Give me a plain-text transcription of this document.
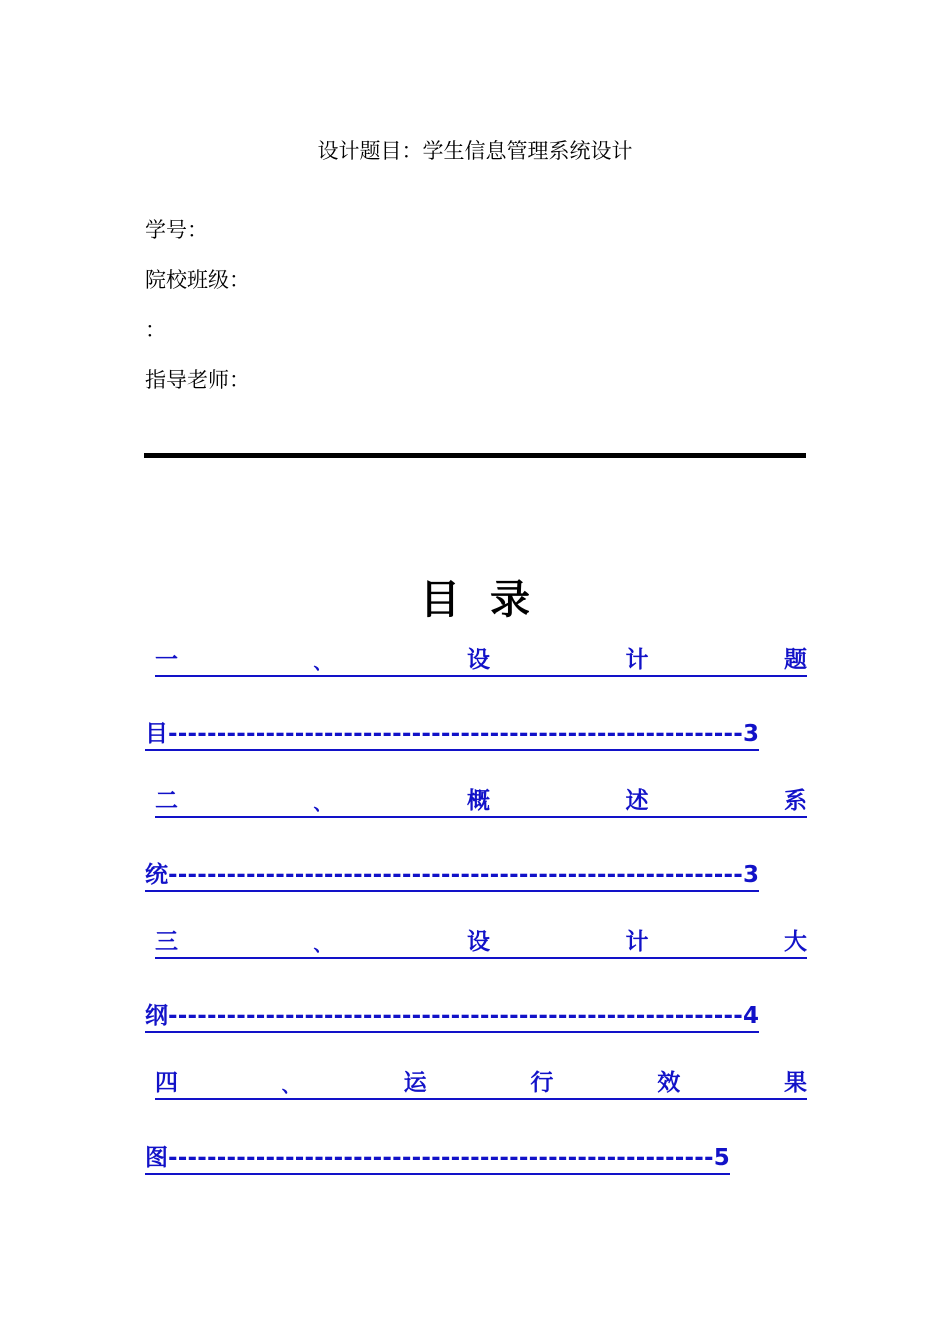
设计题目：学生信息管理系统设计
学号：
院校班级：
：
指导老师：
目录
一	、	设	计	题
目 ----------------------------------------------------------- 3
二	、	概	述	系
统 ----------------------------------------------------------- 3
三	、	设	计	大
纲 ----------------------------------------------------------- 4
四	、	运	行	效	果
图 -------------------------------------------------------- 5
